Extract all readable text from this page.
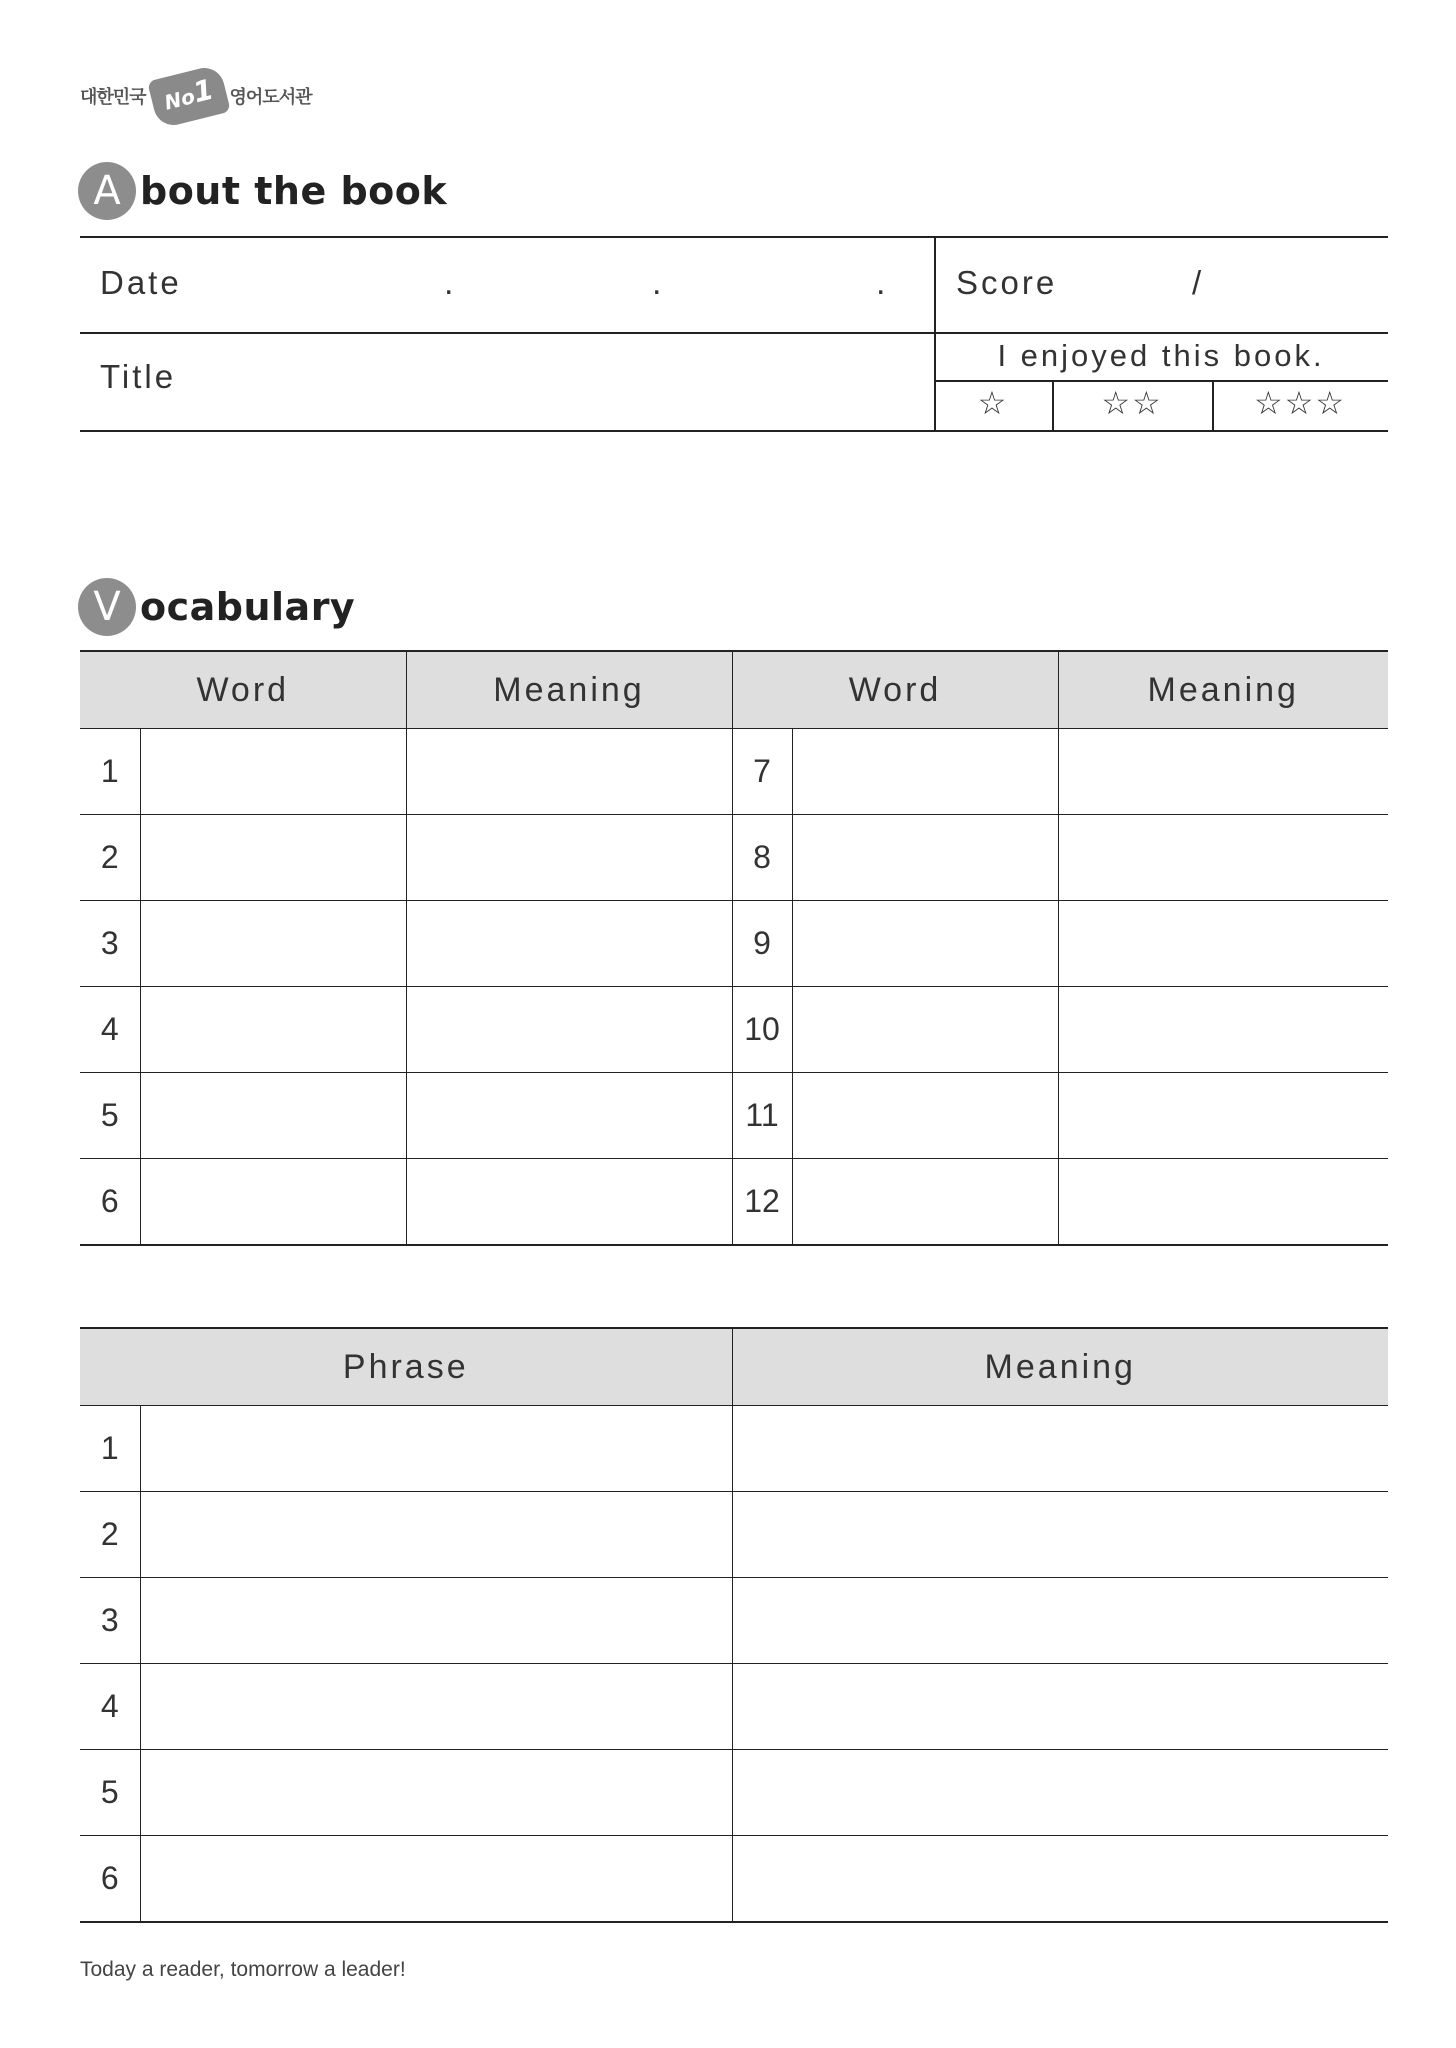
대한민국 No1 영어도서관
A bout the book
Date	.	.	. Score	/
Title
I enjoyed this book.
☆	☆☆	☆☆☆
V ocabulary
Word		Meaning	Word		Meaning
1			7		
2			8		
3			9		
4			10		
5			11		
6			12		
Phrase		Meaning
1		
2		
3		
4		
5		
6		
Today a reader, tomorrow a leader!
